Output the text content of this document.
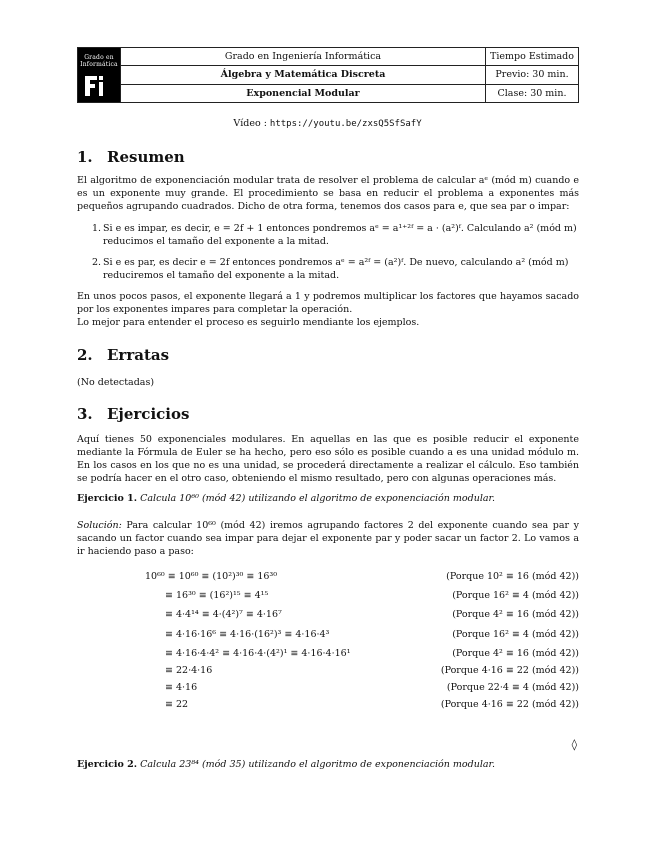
Grado en Informática	Grado en Ingeniería Informática	Tiempo Estimado
	Álgebra y Matemática Discreta	Previo: 30 min.
	Exponencial Modular	Clase: 30 min.
Vídeo : https://youtu.be/zxsQ5SfSafY
1. Resumen
El algoritmo de exponenciación modular trata de resolver el problema de calcular aᵉ (mód m) cuando e es un exponente muy grande. El procedimiento se basa en reducir el problema a exponentes más pequeños agrupando cuadrados. Dicho de otra forma, tenemos dos casos para e, que sea par o impar:
1. Si e es impar, es decir, e = 2f + 1 entonces pondremos aᵉ = a¹⁺²ᶠ = a · (a²)ᶠ. Calculando a² (mód m) reducimos el tamaño del exponente a la mitad.
2. Si e es par, es decir e = 2f entonces pondremos aᵉ = a²ᶠ = (a²)ᶠ. De nuevo, calculando a² (mód m) reduciremos el tamaño del exponente a la mitad.
En unos pocos pasos, el exponente llegará a 1 y podremos multiplicar los factores que hayamos sacado por los exponentes impares para completar la operación.
Lo mejor para entender el proceso es seguirlo mendiante los ejemplos.
2. Erratas
(No detectadas)
3. Ejercicios
Aquí tienes 50 exponenciales modulares. En aquellas en las que es posible reducir el exponente mediante la Fórmula de Euler se ha hecho, pero eso sólo es posible cuando a es una unidad módulo m. En los casos en los que no es una unidad, se procederá directamente a realizar el cálculo. Eso también se podría hacer en el otro caso, obteniendo el mismo resultado, pero con algunas operaciones más.
Ejercicio 1. Calcula 10⁶⁰ (mód 42) utilizando el algoritmo de exponenciación modular.
Solución: Para calcular 10⁶⁰ (mód 42) iremos agrupando factores 2 del exponente cuando sea par y sacando un factor cuando sea impar para dejar el exponente par y poder sacar un factor 2. Lo vamos a ir haciendo paso a paso:
10⁶⁰ ≡ 10⁶⁰ ≡ (10²)³⁰ ≡ 16³⁰	(Porque 10² ≡ 16 (mód 42))
≡ 16³⁰ ≡ (16²)¹⁵ ≡ 4¹⁵	(Porque 16² ≡ 4 (mód 42))
≡ 4·4¹⁴ ≡ 4·(4²)⁷ ≡ 4·16⁷	(Porque 4² ≡ 16 (mód 42))
≡ 4·16·16⁶ ≡ 4·16·(16²)³ ≡ 4·16·4³	(Porque 16² ≡ 4 (mód 42))
≡ 4·16·4·4² ≡ 4·16·4·(4²)¹ ≡ 4·16·4·16¹	(Porque 4² ≡ 16 (mód 42))
≡ 22·4·16	(Porque 4·16 ≡ 22 (mód 42))
≡ 4·16	(Porque 22·4 ≡ 4 (mód 42))
≡ 22	(Porque 4·16 ≡ 22 (mód 42))
◊
Ejercicio 2. Calcula 23⁸⁴ (mód 35) utilizando el algoritmo de exponenciación modular.
